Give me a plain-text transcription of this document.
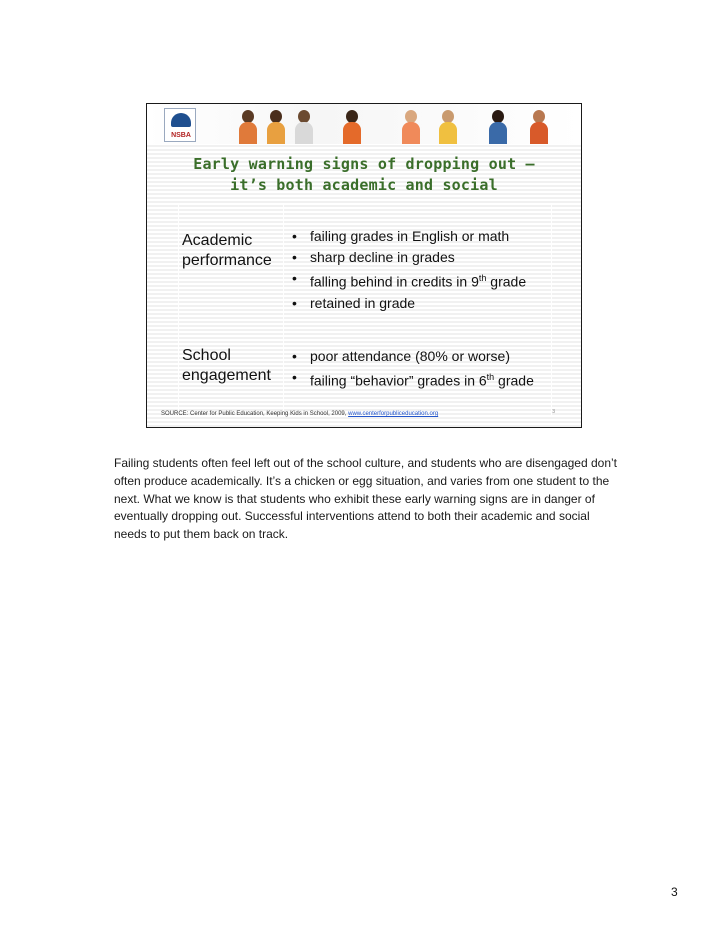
NSBA
Early warning signs of dropping out –
it’s both academic and social
Academic performance
• failing grades in English or math
• sharp decline in grades
• falling behind in credits in 9th grade
• retained in grade
School engagement
• poor attendance (80% or worse)
• failing “behavior” grades in 6th grade
SOURCE: Center for Public Education, Keeping Kids in School, 2009, www.centerforpubliceducation.org	3

Failing students often feel left out of the school culture, and students who are disengaged don’t often produce academically. It’s a chicken or egg situation, and varies from one student to the next. What we know is that students who exhibit these early warning signs are in danger of eventually dropping out. Successful interventions attend to both their academic and social needs to put them back on track.

3
